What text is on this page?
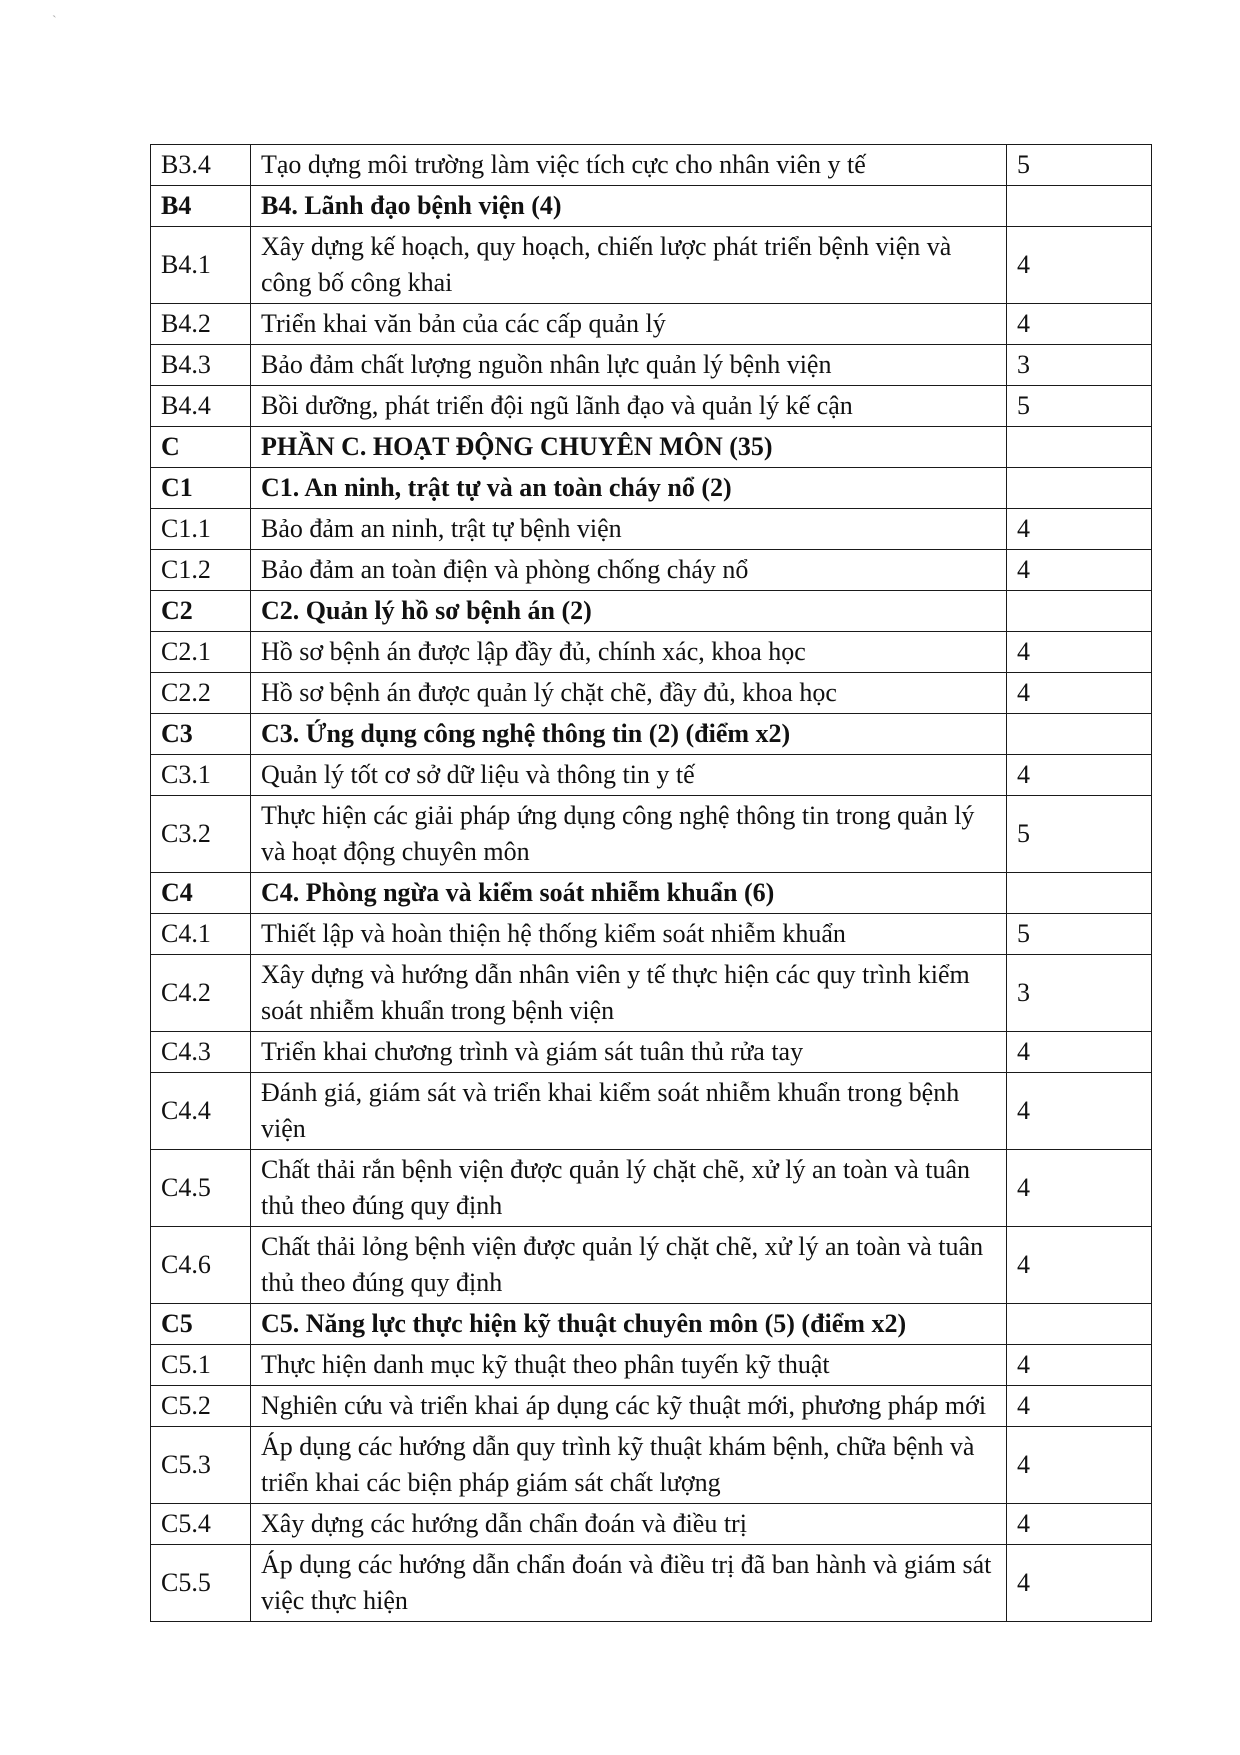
ˋ
B3.4	Tạo dựng môi trường làm việc tích cực cho nhân viên y tế	5
B4	B4. Lãnh đạo bệnh viện (4)	
B4.1	Xây dựng kế hoạch, quy hoạch, chiến lược phát triển bệnh viện và công bố công khai	4
B4.2	Triển khai văn bản của các cấp quản lý	4
B4.3	Bảo đảm chất lượng nguồn nhân lực quản lý bệnh viện	3
B4.4	Bồi dưỡng, phát triển đội ngũ lãnh đạo và quản lý kế cận	5
C	PHẦN C. HOẠT ĐỘNG CHUYÊN MÔN (35)	
C1	C1. An ninh, trật tự và an toàn cháy nổ (2)	
C1.1	Bảo đảm an ninh, trật tự bệnh viện	4
C1.2	Bảo đảm an toàn điện và phòng chống cháy nổ	4
C2	C2. Quản lý hồ sơ bệnh án (2)	
C2.1	Hồ sơ bệnh án được lập đầy đủ, chính xác, khoa học	4
C2.2	Hồ sơ bệnh án được quản lý chặt chẽ, đầy đủ, khoa học	4
C3	C3. Ứng dụng công nghệ thông tin (2) (điểm x2)	
C3.1	Quản lý tốt cơ sở dữ liệu và thông tin y tế	4
C3.2	Thực hiện các giải pháp ứng dụng công nghệ thông tin trong quản lý và hoạt động chuyên môn	5
C4	C4. Phòng ngừa và kiểm soát nhiễm khuẩn (6)	
C4.1	Thiết lập và hoàn thiện hệ thống kiểm soát nhiễm khuẩn	5
C4.2	Xây dựng và hướng dẫn nhân viên y tế thực hiện các quy trình kiểm soát nhiễm khuẩn trong bệnh viện	3
C4.3	Triển khai chương trình và giám sát tuân thủ rửa tay	4
C4.4	Đánh giá, giám sát và triển khai kiểm soát nhiễm khuẩn trong bệnh viện	4
C4.5	Chất thải rắn bệnh viện được quản lý chặt chẽ, xử lý an toàn và tuân thủ theo đúng quy định	4
C4.6	Chất thải lỏng bệnh viện được quản lý chặt chẽ, xử lý an toàn và tuân thủ theo đúng quy định	4
C5	C5. Năng lực thực hiện kỹ thuật chuyên môn (5) (điểm x2)	
C5.1	Thực hiện danh mục kỹ thuật theo phân tuyến kỹ thuật	4
C5.2	Nghiên cứu và triển khai áp dụng các kỹ thuật mới, phương pháp mới	4
C5.3	Áp dụng các hướng dẫn quy trình kỹ thuật khám bệnh, chữa bệnh và triển khai các biện pháp giám sát chất lượng	4
C5.4	Xây dựng các hướng dẫn chẩn đoán và điều trị	4
C5.5	Áp dụng các hướng dẫn chẩn đoán và điều trị đã ban hành và giám sát việc thực hiện	4
